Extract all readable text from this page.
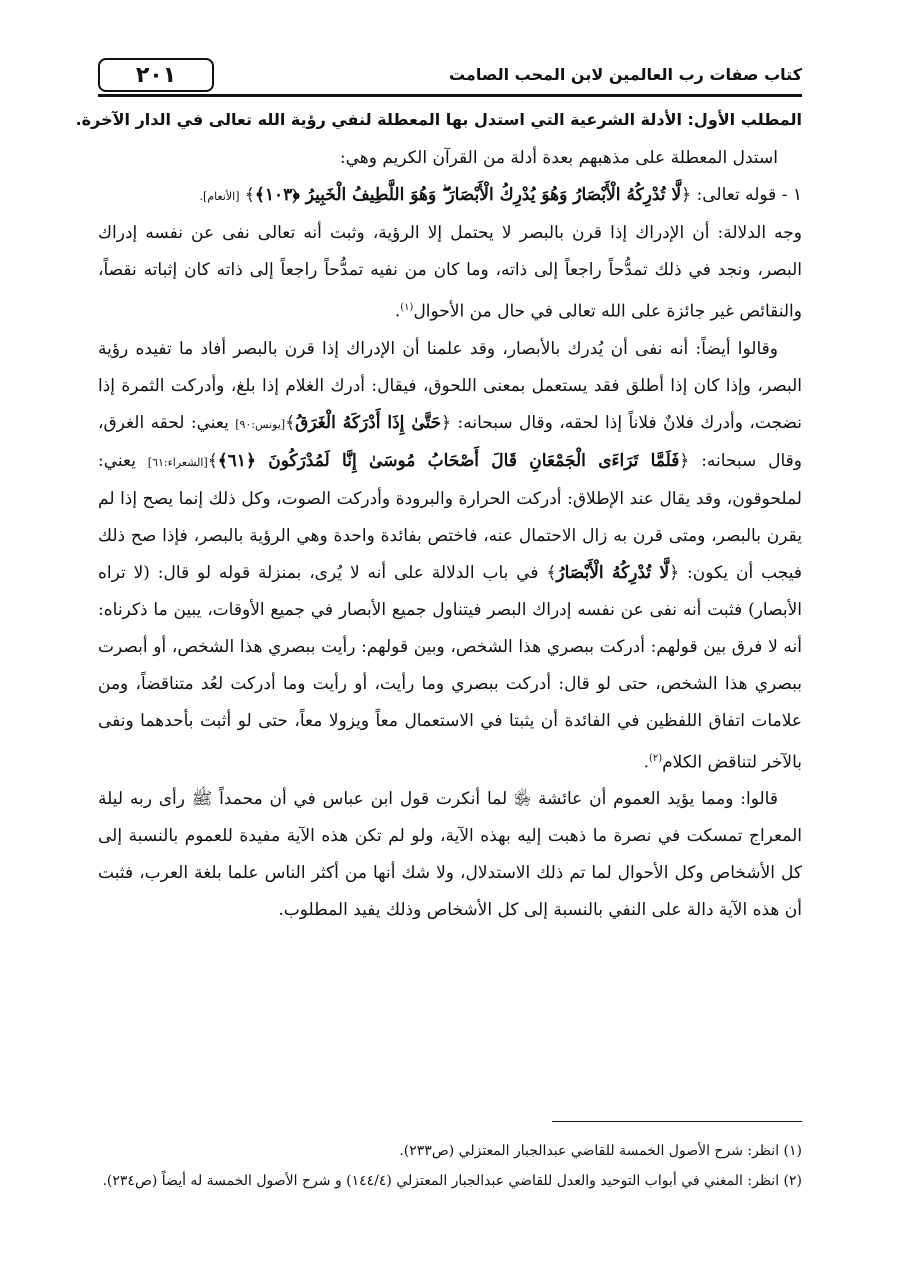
٢٠١	كتاب صفات رب العالمين لابن المحب الصامت
المطلب الأول: الأدلة الشرعية التي استدل بها المعطلة لنفي رؤية الله تعالى في الدار الآخرة.

استدل المعطلة على مذهبهم بعدة أدلة من القرآن الكريم وهي:

١ - قوله تعالى: ﴿لَّا تُدْرِكُهُ الْأَبْصَارُ وَهُوَ يُدْرِكُ الْأَبْصَارَ ۖ وَهُوَ اللَّطِيفُ الْخَبِيرُ ﴿١٠٣﴾﴾ [الأنعام].

وجه الدلالة: أن الإدراك إذا قرن بالبصر لا يحتمل إلا الرؤية، وثبت أنه تعالى نفى عن نفسه إدراك البصر، ونجد في ذلك تمدُّحاً راجعاً إلى ذاته، وما كان من نفيه تمدُّحاً راجعاً إلى ذاته كان إثباته نقصاً، والنقائص غير جائزة على الله تعالى في حال من الأحوال$^{(١)}$.

وقالوا أيضاً: أنه نفى أن يُدرك بالأبصار، وقد علمنا أن الإدراك إذا قرن بالبصر أفاد ما تفيده رؤية البصر، وإذا كان إذا أطلق فقد يستعمل بمعنى اللحوق، فيقال: أدرك الغلام إذا بلغ، وأدركت الثمرة إذا نضجت، وأدرك فلانٌ فلاناً إذا لحقه، وقال سبحانه: ﴿حَتَّىٰ إِذَا أَدْرَكَهُ الْغَرَقُ﴾[يونس:٩٠] يعني: لحقه الغرق، وقال سبحانه: ﴿فَلَمَّا تَرَاءَى الْجَمْعَانِ قَالَ أَصْحَابُ مُوسَىٰ إِنَّا لَمُدْرَكُونَ ﴿٦١﴾﴾[الشعراء:٦١] يعني: لملحوقون، وقد يقال عند الإطلاق: أدركت الحرارة والبرودة وأدركت الصوت، وكل ذلك إنما يصح إذا لم يقرن بالبصر، ومتى قرن به زال الاحتمال عنه، فاختص بفائدة واحدة وهي الرؤية بالبصر، فإذا صح ذلك فيجب أن يكون: ﴿لَّا تُدْرِكُهُ الْأَبْصَارُ﴾ في باب الدلالة على أنه لا يُرى، بمنزلة قوله لو قال: (لا تراه الأبصار) فثبت أنه نفى عن نفسه إدراك البصر فيتناول جميع الأبصار في جميع الأوقات، يبين ما ذكرناه: أنه لا فرق بين قولهم: أدركت ببصري هذا الشخص، وبين قولهم: رأيت ببصري هذا الشخص، أو أبصرت ببصري هذا الشخص، حتى لو قال: أدركت ببصري وما رأيت، أو رأيت وما أدركت لعُد متناقضاً، ومن علامات اتفاق اللفظين في الفائدة أن يثبتا في الاستعمال معاً ويزولا معاً، حتى لو أثبت بأحدهما ونفى بالآخر لتناقض الكلام$^{(٢)}$.

قالوا: ومما يؤيد العموم أن عائشة ﵂ لما أنكرت قول ابن عباس في أن محمداً ﷺ رأى ربه ليلة المعراج تمسكت في نصرة ما ذهبت إليه بهذه الآية، ولو لم تكن هذه الآية مفيدة للعموم بالنسبة إلى كل الأشخاص وكل الأحوال لما تم ذلك الاستدلال، ولا شك أنها من أكثر الناس علما بلغة العرب، فثبت أن هذه الآية دالة على النفي بالنسبة إلى كل الأشخاص وذلك يفيد المطلوب.

(١) انظر: شرح الأصول الخمسة للقاضي عبدالجبار المعتزلي (ص٢٣٣).
(٢) انظر: المغني في أبواب التوحيد والعدل للقاضي عبدالجبار المعتزلي (١٤٤/٤) و شرح الأصول الخمسة له أيضاً (ص٢٣٤).
